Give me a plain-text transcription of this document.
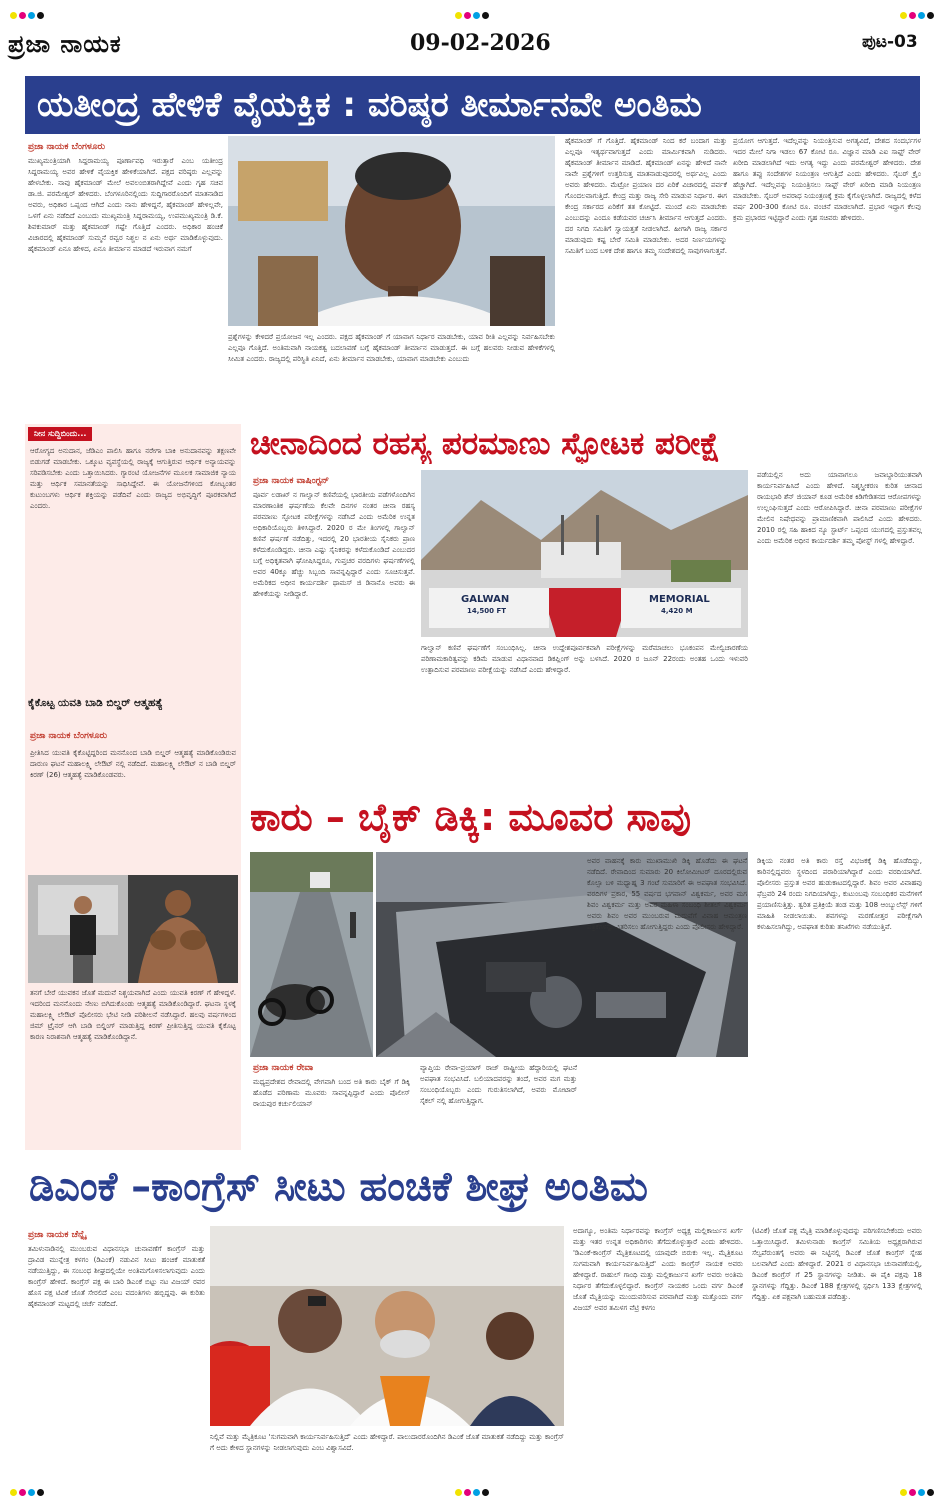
ಪ್ರಜಾ ನಾಯಕ	09-02-2026	ಪುಟ-03
ಯತೀಂದ್ರ ಹೇಳಿಕೆ ವೈಯಕ್ತಿಕ : ವರಿಷ್ಠರ ತೀರ್ಮಾನವೇ ಅಂತಿಮ
ಪ್ರಜಾ ನಾಯಕ ಬೆಂಗಳೂರು
ಮುಖ್ಯಮಂತ್ರಿಯಾಗಿ ಸಿದ್ದರಾಮಯ್ಯ ಪೂರ್ಣಾವಧಿ ಇರುತ್ತಾರೆ ಎಂಬ ಯತೀಂದ್ರ ಸಿದ್ದರಾಮಯ್ಯ ಅವರ ಹೇಳಿಕೆ ವೈಯಕ್ತಿಕ ಹೇಳಿಕೆಯಾಗಿದೆ. ಪಕ್ಷದ ವರಿಷ್ಠರು ಎಲ್ಲವನ್ನು ಹೇಳಬೇಕು. ನಾವು ಹೈಕಮಾಂಡ್ ಮೇಲೆ ಅವಲಂಬಿತರಾಗಿದ್ದೇವೆ ಎಂದು ಗೃಹ ಸಚಿವ ಡಾ.ಜಿ. ಪರಮೇಶ್ವರ್ ಹೇಳಿದರು. ಬೆಂಗಳೂರಿನಲ್ಲಿಂದು ಸುದ್ದಿಗಾರರೊಂದಿಗೆ ಮಾತನಾಡಿದ ಅವರು, ಅಧಿಕಾರ ಒಪ್ಪಂದ ಆಗಿದೆ ಎಂದು ನಾನು ಹೇಳಿದ್ದನೆ, ಹೈಕಮಾಂಡ್ ಹೇಳಿಲ್ಲವೇ, ಒಳಗೆ ಏನು ನಡೆದಿದೆ ಎಂಬುದು ಮುಖ್ಯಮಂತ್ರಿ ಸಿದ್ದರಾಮಯ್ಯ, ಉಪಮುಖ್ಯಮಂತ್ರಿ ಡಿ.ಕೆ. ಶಿವಕುಮಾರ್ ಮತ್ತು ಹೈಕಮಾಂಡ್ ಗಷ್ಟೇ ಗೊತ್ತಿದೆ ಎಂದರು. ಅಧಿಕಾರ ಹಂಚಿಕೆ ವಿಚಾರದಲ್ಲಿ ಹೈಕಮಾಂಡ್ ಸುಮ್ಮನೆ ರವ್ವರ ನಿಶ್ಚಲ ನ ಏನು ಅರ್ಥ ಮಾಡಿಕೊಳ್ಳುವುದು. ಹೈಕಮಾಂಡ್ ಏನೂ ಹೇಳಿದ, ಏನೂ ತೀರ್ಮಾನ ಮಾಡದೆ ಇರುವಾಗ ನಮಗೆ
ಪ್ರಶ್ನೆಗಳನ್ನು ಕೇಳಿದರೆ ಪ್ರಯೋಜನ ಇಲ್ಲ ಎಂದರು. ಪಕ್ಷದ ಹೈಕಮಾಂಡ್ ಗೆ ಯಾವಾಗ ನಿರ್ಧಾರ ಮಾಡಬೇಕು, ಯಾವ ರೀತಿ ಎಲ್ಲವನ್ನು ನಿರ್ವಹಿಸಬೇಕು ಎಲ್ಲವೂ ಗೊತ್ತಿದೆ. ಅಂತಿಮವಾಗಿ ನಾಯಕತ್ವ ಬದಲಾವಣೆ ಬಗ್ಗೆ ಹೈಕಮಾಂಡ್ ತೀರ್ಮಾನ ಮಾಡುತ್ತದೆ. ಈ ಬಗ್ಗೆ ಹಲವರು ನೀಡುವ ಹೇಳಿಕೆಗಳಲ್ಲಿ ಸೀಮಿತ ಎಂದರು. ರಾಜ್ಯದಲ್ಲಿ ಪರಿಸ್ಥಿತಿ ಏನಿದೆ, ಏನು ತೀರ್ಮಾನ ಮಾಡಬೇಕು, ಯಾವಾಗ ಮಾಡಬೇಕು ಎಂಬುದು
ಹೈಕಮಾಂಡ್ ಗೆ ಗೊತ್ತಿದೆ. ಹೈಕಮಾಂಡ್ ನಿಂದ ಕರೆ ಬಂದಾಗ ಮತ್ತು ಎಲ್ಲವೂ ಇತ್ಯರ್ಥವಾಗುತ್ತದೆ ಎಂದು ಮಾರ್ಮಿಕವಾಗಿ ನುಡಿದರು. ಹೈಕಮಾಂಡ್ ತೀರ್ಮಾನ ಮಾಡಿದೆ. ಹೈಕಮಾಂಡ್ ಏನನ್ನು ಹೇಳಿದೆ ನಾನೇ ನಾವೇ ಪ್ರಶ್ನೆಗಳಿಗೆ ಉತ್ತರಿಸುತ್ತ ಮಾತನಾಡುವುದರಲ್ಲಿ ಅರ್ಥವಿಲ್ಲ ಎಂದು ಅವರು ಹೇಳಿದರು. ಮೆಟ್ರೋ ಪ್ರಯಾಣ ದರ ಏರಿಕೆ ವಿಚಾರದಲ್ಲಿ ಪರ್ವಕೆ ಗೊಂದಲವಾಗುತ್ತಿದೆ. ಕೇಂದ್ರ ಮತ್ತು ರಾಜ್ಯ ಸೇರಿ ಮಾಡುವ ನಿರ್ಧಾರ. ಈಗ ಕೇಂದ್ರ ಸರ್ಕಾರದ ಏರಿಕೆಗೆ ತತ ಕೋಟ್ಟಿದೆ. ಮುಂದೆ ಏನು ಮಾಡಬೇಕು ಎಂಬುದನ್ನು ಎಂದೂ ಕಡೆಯವರ ಚರ್ಚಿಸಿ ತೀರ್ಮಾನ ಆಗುತ್ತದೆ ಎಂದರು. ದರ ನಿಗದಿ ಸಮಿತಿಗೆ ಸ್ವಾಯತ್ತತೆ ನೀಡಲಾಗಿದೆ. ಹೀಗಾಗಿ ರಾಜ್ಯ ಸರ್ಕಾರ ಮಾಡುವುದು ಕಷ್ಟ ಬೇರೆ ಸಮಿತಿ ಮಾಡಬೇಕು. ಅದರ ನಿರ್ಣಯಗಳನ್ನು ಸಮಿತಿಗೆ ಬಂದ ಬಳಿಕ ದೇಶ ಹಾಗೂ ತಮ್ಮ ಸಂದೇಶದಲ್ಲಿ ಸಾವುಗಳಾಗುತ್ತವೆ.
ಪ್ರಯೋಗ ಆಗುತ್ತದೆ. ಇದೆಲ್ಲವನ್ನು ನಿಯಂತ್ರಿಸುವ ಅಗತ್ಯವಿದೆ, ದೇಶದ ಸಂದರ್ಭಗಳ ಇದರ ಮೇಲೆ ನಿಗಾ ಇಡಲು 67 ಕೋಟಿ ರೂ. ವಿಜ್ಞಾನ ಮಾಡಿ ಎಐ ಸಾಫ್ಟ್ ವೇರ್ ಖರೀದಿ ಮಾಡಲಾಗಿದೆ ಇದು ಅಗತ್ಯ ಇದ್ದು ಎಂದು ಪರಮೇಶ್ವರ್ ಹೇಳಿದರು. ದೇಶ ಹಾಗೂ ತಪ್ಪು ಸಂದೇಶಗಳ ನಿಯಂತ್ರಣ ಆಗುತ್ತಿದೆ ಎಂದು ಹೇಳಿದರು. ಸೈಬರ್ ಕ್ರೈಂ ಹೆಚ್ಚಾಗಿದೆ. ಇದೆಲ್ಲವನ್ನು ನಿಯಂತ್ರಿಸಲು ಸಾಫ್ಟ್ ವೇರ್ ಖರೀದಿ ಮಾಡಿ ನಿಯಂತ್ರಣ ಮಾಡಬೇಕು. ಸೈಬರ್ ಅಪರಾಧ ನಿಯಂತ್ರಣಕ್ಕೆ ಕ್ರಮ ಕೈಗೊಳ್ಳಲಾಗಿದೆ. ರಾಜ್ಯದಲ್ಲಿ ಕಳೆದ ವರ್ಷ 200-300 ಕೋಟಿ ರೂ. ವಂಚನೆ ಮಾಡಲಾಗಿದೆ. ಪ್ರಭಾರ ಇದ್ದಾಗ ಕೆಲವು ಕ್ರಮ ಪ್ರಭಾರದ ಇಟ್ಟಿದ್ದಾರೆ ಎಂದು ಗೃಹ ಸಚಿವರು ಹೇಳಿದರು.
ನೀನ ಸುದ್ದಿಬಿಂದು...
ಆರೋಗ್ಯದ ಅನುದಾನ, ಜೆಡಿಎಂ ಪಾಲಿಸಿ ಹಾಗೂ ನರೇಗಾ ಬಾಕಿ ಅನುದಾನವನ್ನು ತಕ್ಷಣವೇ ಬಿಡುಗಡೆ ಮಾಡಬೇಕು. ಒಕ್ಕೂಟ ವ್ಯವಸ್ಥೆಯಲ್ಲಿ ರಾಜ್ಯಕ್ಕೆ ಆಗುತ್ತಿರುವ ಆರ್ಥಿಕ ಅನ್ಯಾಯವನ್ನು ಸರಿಪಡಿಸಬೇಕು ಎಂದು ಒತ್ತಾಯಿಸಿದರು. ಗ್ಯಾರಂಟಿ ಯೋಜನೆಗಳ ಮೂಲಕ ಸಾಮಾಜಿಕ ನ್ಯಾಯ ಮತ್ತು ಆರ್ಥಿಕ ಸಮಾನತೆಯನ್ನು ಸಾಧಿಸಿದ್ದೇವೆ. ಈ ಯೋಜನೆಗಳಿಂದ ಕೋಟ್ಯಂತರ ಕುಟುಂಬಗಳು ಆರ್ಥಿಕ ಶಕ್ತಿಯನ್ನು ಪಡೆದಿವೆ ಎಂದು ರಾಜ್ಯದ ಅಭಿವೃದ್ಧಿಗೆ ಪೂರಕವಾಗಿದೆ ಎಂದರು.
ಕೈಕೊಟ್ಟ ಯವತಿ ಬಾಡಿ ಬಿಲ್ಡರ್ ಆತ್ಮಹತ್ಯೆ
ಪ್ರಜಾ ನಾಯಕ ಬೆಂಗಳೂರು
ಪ್ರೀತಿಸಿದ ಯುವತಿ ಕೈಕೊಟ್ಟಿದ್ದರಿಂದ ಮನನೊಂದ ಬಾಡಿ ಬಿಲ್ಡರ್ ಆತ್ಮಹತ್ಯೆ ಮಾಡಿಕೊಂಡಿರುವ ದಾರುಣ ಘಟನೆ ಮಹಾಲಕ್ಷ್ಮಿ ಲೇಔಟ್ ನಲ್ಲಿ ನಡೆದಿದೆ. ಮಹಾಲಕ್ಷ್ಮಿ ಲೇಔಟ್ ನ ಬಾಡಿ ಬಿಲ್ಡರ್ ಕಿರಣ್ (26) ಆತ್ಮಹತ್ಯೆ ಮಾಡಿಕೊಂಡವರು.
ತನಗೆ ಬೇರೆ ಯುವಕನ ಜೊತೆ ಮದುವೆ ನಿಶ್ಚಯವಾಗಿದೆ ಎಂದು ಯುವತಿ ಕಿರಣ್ ಗೆ ಹೇಳಿದ್ದಳೆ. ಇದರಿಂದ ಮನನೊಂದು ನೇಣು ಬಿಗಿದುಕೊಂಡು ಆತ್ಮಹತ್ಯೆ ಮಾಡಿಕೊಂಡಿದ್ದಾರೆ. ಘಟನಾ ಸ್ಥಳಕ್ಕೆ ಮಹಾಲಕ್ಷ್ಮಿ ಲೇಔಟ್ ಪೊಲೀಸರು ಭೇಟಿ ನೀಡಿ ಪರಿಶೀಲನೆ ನಡೆಸಿದ್ದಾರೆ. ಹಲವು ವರ್ಷಗಳಿಂದ ಜಿಮ್ ಟ್ರೈನರ್ ಆಗಿ ಬಾಡಿ ಬಿಲ್ಡಿಂಗ್ ಮಾಡುತ್ತಿದ್ದ ಕಿರಣ್ ಪ್ರೀತಿಸುತ್ತಿದ್ದ ಯುವತಿ ಕೈಕೊಟ್ಟ ಕಾರಣ ನಿರಾಶನಾಗಿ ಆತ್ಮಹತ್ಯೆ ಮಾಡಿಕೊಂಡಿದ್ದಾನೆ.
ಚೀನಾದಿಂದ ರಹಸ್ಯ ಪರಮಾಣು ಸ್ಫೋಟಕ ಪರೀಕ್ಷೆ
ಪ್ರಜಾ ನಾಯಕ ವಾಷಿಂಗ್ಟನ್
ಪೂರ್ವ ಲಡಾಖ್ ನ ಗಾಲ್ವಾನ್ ಕಣಿವೆಯಲ್ಲಿ ಭಾರತೀಯ ಪಡೆಗಳೊಂದಿಗಿನ ಮಾರಣಾಂತಿಕ ಘರ್ಷಣೆಯ ಕೆಲವೇ ದಿನಗಳ ನಂತರ ಚೀನಾ ರಹಸ್ಯ ಪರಮಾಣು ಸ್ಫೋಟಕ ಪರೀಕ್ಷೆಗಳನ್ನು ನಡೆಸಿದೆ ಎಂದು ಅಮೆರಿಕ ಉನ್ನತ ಅಧಿಕಾರಿಯೊಬ್ಬರು ತಿಳಿಸಿದ್ದಾರೆ. 2020 ರ ಮೇ ತಿಂಗಳಲ್ಲಿ ಗಾಲ್ವಾನ್ ಕಣಿವೆ ಘರ್ಷಣೆ ನಡೆದಿತ್ತು, ಇದರಲ್ಲಿ 20 ಭಾರತೀಯ ಸೈನಿಕರು ಪ್ರಾಣ ಕಳೆದುಕೊಂಡಿದ್ದರು. ಚೀನಾ ಎಷ್ಟು ಸೈನಿಕರನ್ನು ಕಳೆದುಕೊಂಡಿದೆ ಎಂಬುದರ ಬಗ್ಗೆ ಅಧಿಕೃತವಾಗಿ ಘೋಷಿಸಿದ್ದರೂ, ಗುಪ್ತಚರ ವರದಿಗಳು ಘರ್ಷಣೆಗಳಲ್ಲಿ ಅವರ 40ಕ್ಕೂ ಹೆಚ್ಚು ಸಿಬ್ಬಂದಿ ಸಾವನ್ನಪ್ಪಿದ್ದಾರೆ ಎಂದು ಸೂಚಿಸುತ್ತವೆ. ಅಮೆರಿಕದ ಅಧೀನ ಕಾರ್ಯದರ್ಶಿ ಥಾಮಸ್ ಜಿ ಡಿನಾನೊ ಅವರು ಈ ಹೇಳಿಕೆಯನ್ನು ನೀಡಿದ್ದಾರೆ.	GALWAN
14,500 FT
MEMORIAL
4,420 M
ಗಾಲ್ವಾನ್ ಕಣಿವೆ ಘರ್ಷಣೆಗೆ ಸಂಬಂಧಿಸಿಲ್ಲ. ಚೀನಾ ಉದ್ದೇಶಪೂರ್ವಕವಾಗಿ ಪರೀಕ್ಷೆಗಳನ್ನು ಮರೆಮಾಚಲು ಭೂಕಂಪನ ಮೇಲ್ವಿಚಾರಣೆಯ ಪರಿಣಾಮಕಾರಿತ್ವವನ್ನು ಕಡಿಮೆ ಮಾಡುವ ವಿಧಾನವಾದ ಡಿಕಪ್ಲಿಂಗ್ ಅನ್ನು ಬಳಸಿದೆ. 2020 ರ ಜೂನ್ 22ರಂದು ಅಂತಹ ಒಂದು ಇಳುವರಿ ಉತ್ಪಾದಿಸುವ ಪರಮಾಣು ಪರೀಕ್ಷೆಯನ್ನು ನಡೆಸಿದೆ ಎಂದು ಹೇಳಿದ್ದಾರೆ.
ಪಡೆಯಲ್ಲಿನ ಅದು ಯಾವಾಗಲೂ ಜವಾಬ್ದಾರಿಯುತವಾಗಿ ಕಾರ್ಯನಿರ್ವಹಿಸಿದೆ ಎಂದು ಹೇಳಿದೆ. ನಿಶ್ಶಸ್ತ್ರೀಕರಣ ಕುರಿತ ಚೀನಾದ ರಾಯಭಾರಿ ಶೆನ್ ಜಿಯಾನ್ ಕೂಡ ಅಮೆರಿಕ ಕಿಡಿಗೇಡಿತನದ ಆರೋಪಗಳನ್ನು ಉಲ್ಲಂಘಿಸುತ್ತದೆ ಎಂದು ಆರೋಪಿಸಿದ್ದಾರೆ. ಚೀನಾ ಪರಮಾಣು ಪರೀಕ್ಷೆಗಳ ಮೇಲಿನ ನಿಷೇಧವನ್ನು ಪ್ರಾಮಾಣಿಕವಾಗಿ ಪಾಲಿಸಿದೆ ಎಂದು ಹೇಳಿದರು. 2010 ರಲ್ಲಿ ಸಹಿ ಹಾಕಿದ ನ್ಯೂ ಸ್ಟಾರ್ಟ್ ಒಪ್ಪಂದ ಯುಗದಲ್ಲಿ ಪ್ರಸ್ತುತವಲ್ಲ ಎಂದು ಅಮೆರಿಕ ಅಧೀನ ಕಾರ್ಯದರ್ಶಿ ತಮ್ಮ ಪೋಸ್ಟ್ ಗಳಲ್ಲಿ ಹೇಳಿದ್ದಾರೆ.
ಕಾರು – ಬೈಕ್ ಡಿಕ್ಕಿ: ಮೂವರ ಸಾವು
ಪ್ರಜಾ ನಾಯಕ ರೇವಾ
ಮಧ್ಯಪ್ರದೇಶದ ರೇವಾದಲ್ಲಿ ವೇಗವಾಗಿ ಬಂದ ಅತಿ ಕಾರು ಬೈಕ್ ಗೆ ಡಿಕ್ಕಿ ಹೊಡೆದ ಪರಿಣಾಮ ಮೂವರು ಸಾವನ್ನಪ್ಪಿದ್ದಾರೆ ಎಂದು ಪೊಲೀಸ್ ರಾಯಪುರ ಕರ್ಚುಲಿಯಾನ್
ವ್ಯಾಪ್ತಿಯ ರೇವಾ-ಪ್ರಯಾಗ್ ರಾಜ್ ರಾಷ್ಟ್ರೀಯ ಹೆದ್ದಾರಿಯಲ್ಲಿ ಘಟನೆ ಅಪಘಾತ ಸಂಭವಿಸಿದೆ. ಬಲಿಯಾದವರನ್ನು ತಂದೆ, ಅವರ ಮಗ ಮತ್ತು ಸಂಬಂಧಿಯೊಬ್ಬರು ಎಂದು ಗುರುತಿಸಲಾಗಿದೆ, ಅವರು ಮೋಟಾರ್ ಸೈಕಲ್ ನಲ್ಲಿ ಹೋಗುತ್ತಿದ್ದಾಗ.
ಅವರ ವಾಹನಕ್ಕೆ ಕಾರು ಮುಖಾಮುಖಿ ಡಿಕ್ಕಿ ಹೊಡೆದು ಈ ಘಟನೆ ನಡೆದಿದೆ. ರೇವಾದಿಂದ ಸುಮಾರು 20 ಕಿಲೋಮೀಟರ್ ದೂರದಲ್ಲಿರುವ ಕೊಲ್ಸಾ ಬಳಿ ಮಧ್ಯಾಹ್ನ 3 ಗಂಟೆ ಸುಮಾರಿಗೆ ಈ ಅಪಘಾತ ಸಂಭವಿಸಿದೆ. ವರದಿಗಳ ಪ್ರಕಾರ, 55 ವರ್ಷದ ಭಗವಾನ್ ವಿಶ್ವಕರ್ಮ, ಅವರ ಮಗ ಶಿವಂ ವಿಶ್ವಕರ್ಮ ಮತ್ತು ಅವರ ಮಹಿಳಾ ಸಂಬಂಧಿ ಶೀತಲ್ ವಿಶ್ವಕರ್ಮ ಅವರು ಶಿವಂ ಅವರ ಮುಂಬರುವ ಮದುವೆಗೆ ವಿವಾಹ ಆಮಂತ್ರಣ ಪತ್ರಿಕೆಗಳನ್ನು ವಿತರಿಸಲು ಹೋಗುತ್ತಿದ್ದರು ಎಂದು ಪೊಲೀಸರು ಹೇಳಿದ್ದಾರೆ.
ಡಿಕ್ಕಿಯ ನಂತರ ಅತಿ ಕಾರು ರಸ್ತೆ ವಿಭಜಕಕ್ಕೆ ಡಿಕ್ಕಿ ಹೊಡೆದಿದ್ದು, ಕಾರಿನಲ್ಲಿದ್ದವರು ಸ್ಥಳದಿಂದ ಪರಾರಿಯಾಗಿದ್ದಾರೆ ಎಂದು ವರದಿಯಾಗಿದೆ. ಪೊಲೀಸರು ಪ್ರಸ್ತುತ ಅವರ ಹುಡುಕಾಟದಲ್ಲಿದ್ದಾರೆ. ಶಿವಂ ಅವರ ವಿವಾಹವು ಫೆಬ್ರವರಿ 24 ರಂದು ನಿಗದಿಯಾಗಿದ್ದು, ಕುಟುಂಬವು ಸಂಬಂಧಿಕರ ಮನೆಗಳಿಗೆ ಪ್ರಯಾಣಿಸುತ್ತಿತ್ತು. ತ್ವರಿತ ಪ್ರತಿಕ್ರಿಯೆ ತಂಡ ಮತ್ತು 108 ಆಂಬ್ಯುಲೆನ್ಸ್ ಗಳಿಗೆ ಮಾಹಿತಿ ನೀಡಲಾಯಿತು. ಶವಗಳನ್ನು ಮರಣೋತ್ತರ ಪರೀಕ್ಷೆಗಾಗಿ ಕಳುಹಿಸಲಾಗಿದ್ದು, ಅಪಘಾತ ಕುರಿತು ತನಿಖೆಗಳು ನಡೆಯುತ್ತಿವೆ.
ಡಿಎಂಕೆ –ಕಾಂಗ್ರೆಸ್ ಸೀಟು ಹಂಚಿಕೆ ಶೀಘ್ರ ಅಂತಿಮ
ಪ್ರಜಾ ನಾಯಕ ಚೆನ್ನೈ
ತಮಿಳುನಾಡಿನಲ್ಲಿ ಮುಂಬರುವ ವಿಧಾನಸಭಾ ಚುನಾವಣೆಗೆ ಕಾಂಗ್ರೆಸ್ ಮತ್ತು ದ್ರಾವಿಡ ಮುನ್ನೇತ್ರ ಕಳಗಂ (ಡಿಎಂಕೆ) ನಡುವಿನ ಸೀಟು ಹಂಚಿಕೆ ಮಾತುಕತೆ ನಡೆಯುತ್ತಿದ್ದು, ಈ ಸಂಬಂಧ ಶೀಘ್ರದಲ್ಲಿಯೇ ಅಂತಿಮಗೊಳಿಸಲಾಗುವುದು ಎಂದು ಕಾಂಗ್ರೆಸ್ ಹೇಳಿದೆ. ಕಾಂಗ್ರೆಸ್ ಪಕ್ಷ ಈ ಬಾರಿ ಡಿಎಂಕೆ ಬಿಟ್ಟು ನಟ ವಿಜಯ್ ರವರ ಹೊಸ ಪಕ್ಷ ಟಿವಿಕೆ ಜೊತೆ ಸೇರಲಿದೆ ಎಂಬ ವದಂತಿಗಳು ಹಬ್ಬಿದ್ದವು. ಈ ಕುರಿತು ಹೈಕಮಾಂಡ್ ಮಟ್ಟದಲ್ಲಿ ಚರ್ಚೆ ನಡೆದಿದೆ.
ನಿಲ್ಲಿವೆ ಮತ್ತು ಮೈತ್ರಿಕೂಟ 'ಸುಗಮವಾಗಿ ಕಾರ್ಯನಿರ್ವಹಿಸುತ್ತಿದೆ' ಎಂದು ಹೇಳಿದ್ದಾರೆ. ಪಾಲುದಾರರೊಂದಿಗಿನ ಡಿಎಂಕೆ ಜೊತೆ ಮಾತುಕತೆ ನಡೆದಿದ್ದು ಮತ್ತು ಕಾಂಗ್ರೆಸ್ ಗೆ ಅದು ಕೇಳಿದ ಸ್ಥಾನಗಳನ್ನು ನೀಡಲಾಗುವುದು ಎಂಬ ವಿಶ್ವಾಸವಿದೆ.
ಅದಾಗ್ಯೂ, ಅಂತಿಮ ನಿರ್ಧಾರವನ್ನು ಕಾಂಗ್ರೆಸ್ ಅಧ್ಯಕ್ಷ ಮಲ್ಲಿಕಾರ್ಜುನ ಖರ್ಗೆ ಮತ್ತು ಇತರ ಉನ್ನತ ಅಧಿಕಾರಿಗಳು ತೆಗೆದುಕೊಳ್ಳುತ್ತಾರೆ ಎಂದು ಹೇಳಿದರು. 'ಡಿಎಂಕೆ-ಕಾಂಗ್ರೆಸ್ ಮೈತ್ರಿಕೂಟದಲ್ಲಿ ಯಾವುದೇ ಬಿರುಕು ಇಲ್ಲ. ಮೈತ್ರಿಕೂಟ ಸುಗಮವಾಗಿ ಕಾರ್ಯನಿರ್ವಹಿಸುತ್ತಿದೆ' ಎಂದು ಕಾಂಗ್ರೆಸ್ ನಾಯಕ ಅವರು ಹೇಳಿದ್ದಾರೆ. ರಾಹುಲ್ ಗಾಂಧಿ ಮತ್ತು ಮಲ್ಲಿಕಾರ್ಜುನ ಖರ್ಗೆ ಅವರು ಅಂತಿಮ ನಿರ್ಧಾರ ತೆಗೆದುಕೊಳ್ಳಲಿದ್ದಾರೆ. ಕಾಂಗ್ರೆಸ್ ನಾಯಕರ ಒಂದು ವರ್ಗ ಡಿಎಂಕೆ ಜೊತೆ ಮೈತ್ರಿಯನ್ನು ಮುಂದುವರಿಸುವ ಪರವಾಗಿದೆ ಮತ್ತು ಮತ್ತೊಂದು ವರ್ಗ ವಿಜಯ್ ಅವರ ತಮಿಳಗ ವೆಟ್ರಿ ಕಳಗಂ
(ಟಿವಿಕೆ) ಜೊತೆ ಪಕ್ಷ ಮೈತ್ರಿ ಮಾಡಿಕೊಳ್ಳುವುದನ್ನು ಪರಿಗಣಿಸಬೇಕೆಂದು ಅವರು ಒತ್ತಾಯಿಸಿದ್ದಾರೆ. ತಮಿಳುನಾಡು ಕಾಂಗ್ರೆಸ್ ಸಮಿತಿಯ ಅಧ್ಯಕ್ಷರಾಗಿರುವ ಸೆಲ್ವಪೆರುಂತಗೈ ಅವರು ಈ ನಿಟ್ಟಿನಲ್ಲಿ ಡಿಎಂಕೆ ಜೊತೆ ಕಾಂಗ್ರೆಸ್ ಸ್ನೇಹ ಬಲವಾಗಿದೆ ಎಂದು ಹೇಳಿದ್ದಾರೆ. 2021 ರ ವಿಧಾನಸಭಾ ಚುನಾವಣೆಯಲ್ಲಿ, ಡಿಎಂಕೆ ಕಾಂಗ್ರೆಸ್ ಗೆ 25 ಸ್ಥಾನಗಳನ್ನು ನೀಡಿತು. ಈ ಪೈಕಿ ಪಕ್ಷವು 18 ಸ್ಥಾನಗಳನ್ನು ಗೆದ್ದಿತ್ತು. ಡಿಎಂಕೆ 188 ಕ್ಷೇತ್ರಗಳಲ್ಲಿ ಸ್ಪರ್ಧಿಸಿ 133 ಕ್ಷೇತ್ರಗಳಲ್ಲಿ ಗೆದ್ದಿತ್ತು. ಏಕ ಪಕ್ಷವಾಗಿ ಬಹುಮತ ಪಡೆದಿತ್ತು.
